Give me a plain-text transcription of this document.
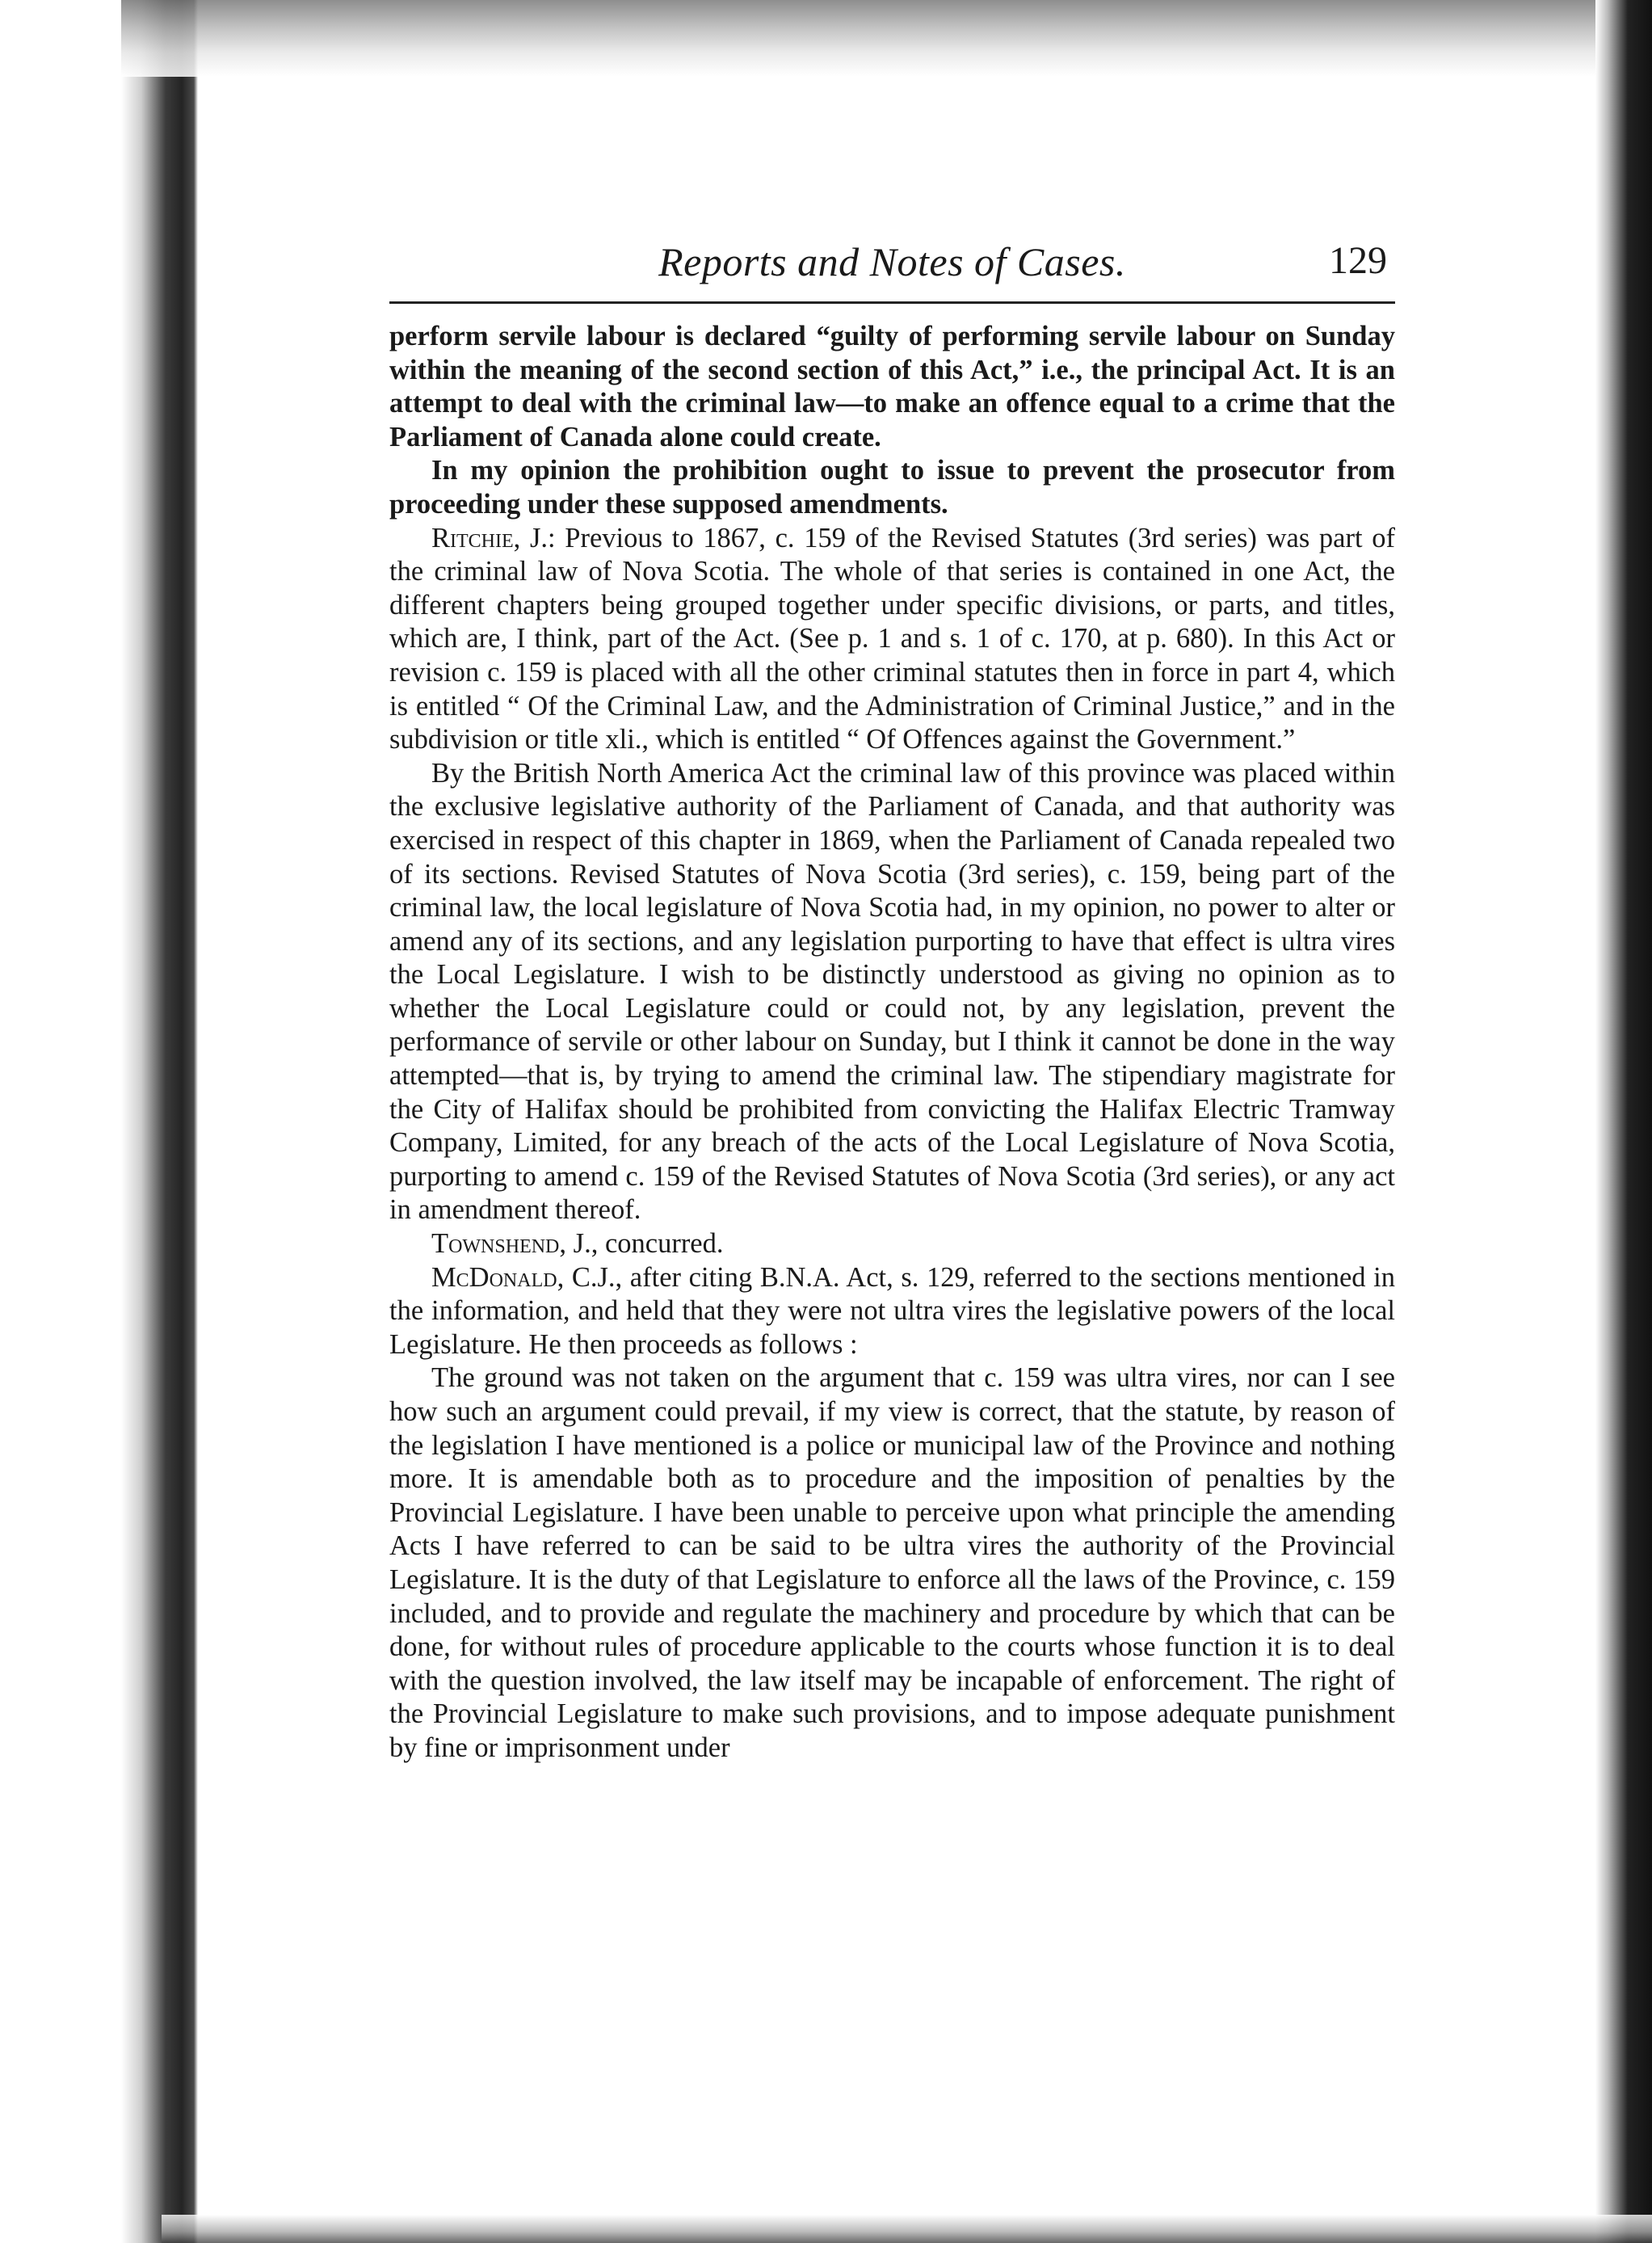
Reports and Notes of Cases.	129

perform servile labour is declared “guilty of performing servile labour on Sunday within the meaning of the second section of this Act,” i.e., the principal Act. It is an attempt to deal with the criminal law—to make an offence equal to a crime that the Parliament of Canada alone could create.

In my opinion the prohibition ought to issue to prevent the prosecutor from proceeding under these supposed amendments.

Ritchie, J.: Previous to 1867, c. 159 of the Revised Statutes (3rd series) was part of the criminal law of Nova Scotia. The whole of that series is contained in one Act, the different chapters being grouped together under specific divisions, or parts, and titles, which are, I think, part of the Act. (See p. 1 and s. 1 of c. 170, at p. 680). In this Act or revision c. 159 is placed with all the other criminal statutes then in force in part 4, which is entitled “ Of the Criminal Law, and the Administration of Criminal Justice,” and in the subdivision or title xli., which is entitled “ Of Offences against the Government.”

By the British North America Act the criminal law of this province was placed within the exclusive legislative authority of the Parliament of Canada, and that authority was exercised in respect of this chapter in 1869, when the Parliament of Canada repealed two of its sections. Revised Statutes of Nova Scotia (3rd series), c. 159, being part of the criminal law, the local legislature of Nova Scotia had, in my opinion, no power to alter or amend any of its sections, and any legislation purporting to have that effect is ultra vires the Local Legislature. I wish to be distinctly understood as giving no opinion as to whether the Local Legislature could or could not, by any legislation, prevent the performance of servile or other labour on Sunday, but I think it cannot be done in the way attempted—that is, by trying to amend the criminal law. The stipendiary magistrate for the City of Halifax should be prohibited from convicting the Halifax Electric Tramway Company, Limited, for any breach of the acts of the Local Legislature of Nova Scotia, purporting to amend c. 159 of the Revised Statutes of Nova Scotia (3rd series), or any act in amendment thereof.

Townshend, J., concurred.

McDonald, C.J., after citing B.N.A. Act, s. 129, referred to the sections mentioned in the information, and held that they were not ultra vires the legislative powers of the local Legislature. He then proceeds as follows :

The ground was not taken on the argument that c. 159 was ultra vires, nor can I see how such an argument could prevail, if my view is correct, that the statute, by reason of the legislation I have mentioned is a police or municipal law of the Province and nothing more. It is amendable both as to procedure and the imposition of penalties by the Provincial Legislature. I have been unable to perceive upon what principle the amending Acts I have referred to can be said to be ultra vires the authority of the Provincial Legislature. It is the duty of that Legislature to enforce all the laws of the Province, c. 159 included, and to provide and regulate the machinery and procedure by which that can be done, for without rules of procedure applicable to the courts whose function it is to deal with the question involved, the law itself may be incapable of enforcement. The right of the Provincial Legislature to make such provisions, and to impose adequate punishment by fine or imprisonment under
